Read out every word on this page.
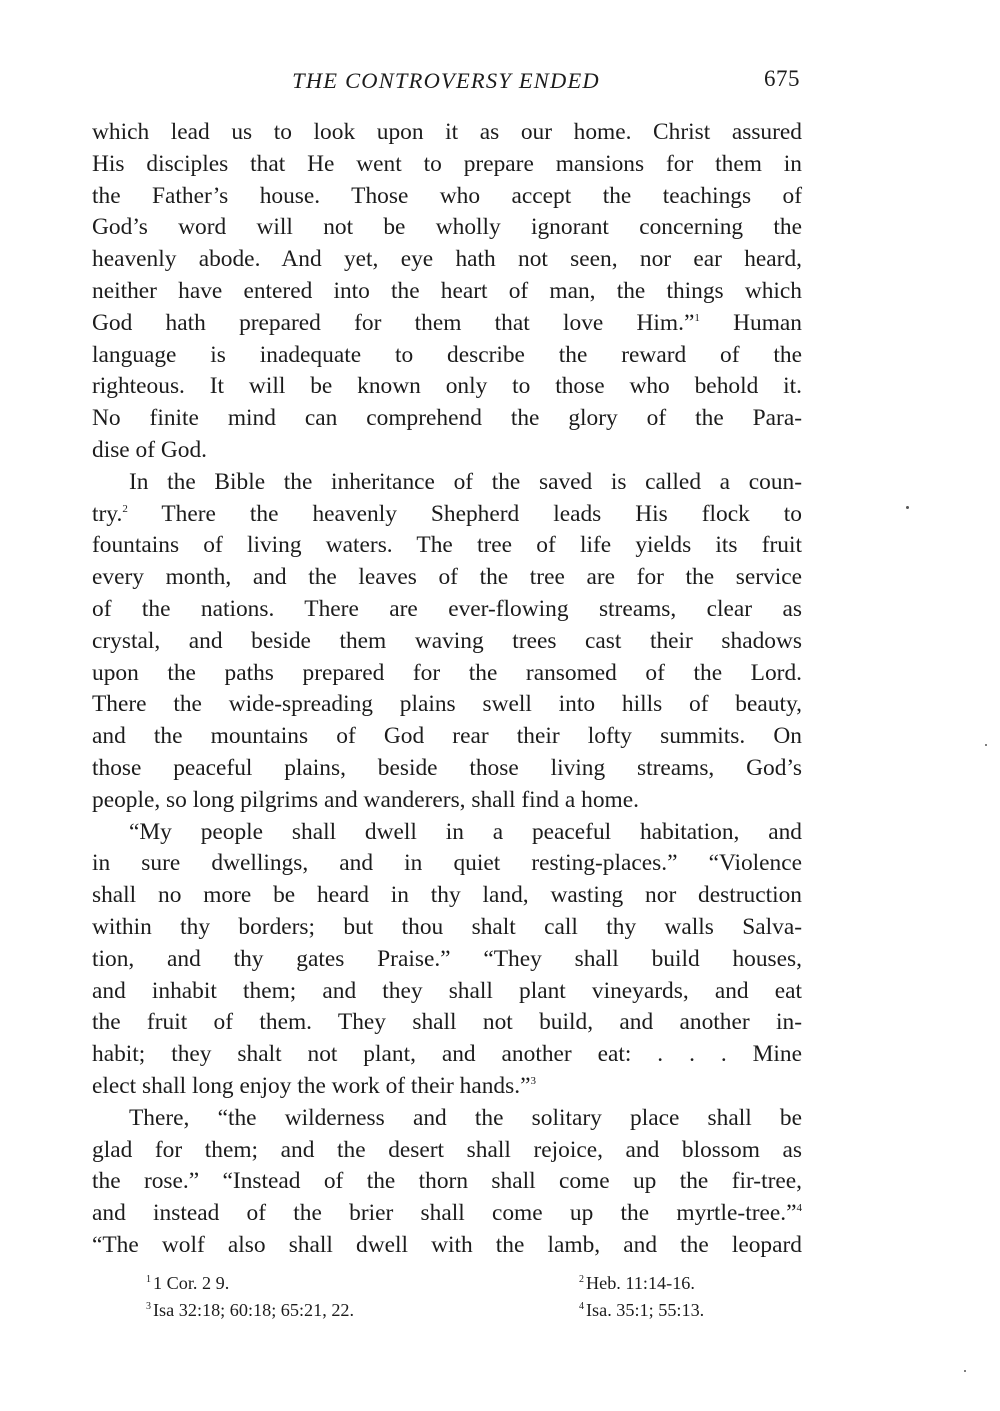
THE CONTROVERSY ENDED	675

which lead us to look upon it as our home. Christ assured

His disciples that He went to prepare mansions for them in

the Father’s house. Those who accept the teachings of

God’s word will not be wholly ignorant concerning the

heavenly abode. And yet, eye hath not seen, nor ear heard,

neither have entered into the heart of man, the things which

God hath prepared for them that love Him.”$^1$ Human

language is inadequate to describe the reward of the

righteous. It will be known only to those who behold it.

No finite mind can comprehend the glory of the Para-

dise of God.

In the Bible the inheritance of the saved is called a coun-

try.$^2$ There the heavenly Shepherd leads His flock to

fountains of living waters. The tree of life yields its fruit

every month, and the leaves of the tree are for the service

of the nations. There are ever-flowing streams, clear as

crystal, and beside them waving trees cast their shadows

upon the paths prepared for the ransomed of the Lord.

There the wide-spreading plains swell into hills of beauty,

and the mountains of God rear their lofty summits. On

those peaceful plains, beside those living streams, God’s

people, so long pilgrims and wanderers, shall find a home.

“My people shall dwell in a peaceful habitation, and

in sure dwellings, and in quiet resting-places.” “Violence

shall no more be heard in thy land, wasting nor destruction

within thy borders; but thou shalt call thy walls Salva-

tion, and thy gates Praise.” “They shall build houses,

and inhabit them; and they shall plant vineyards, and eat

the fruit of them. They shall not build, and another in-

habit; they shalt not plant, and another eat: . . . Mine

elect shall long enjoy the work of their hands.”$^3$

There, “the wilderness and the solitary place shall be

glad for them; and the desert shall rejoice, and blossom as

the rose.” “Instead of the thorn shall come up the fir-tree,

and instead of the brier shall come up the myrtle-tree.”$^4$

“The wolf also shall dwell with the lamb, and the leopard

$^1$ 1 Cor. 2 9.	$^2$ Heb. 11:14-16.
$^3$ Isa 32:18; 60:18; 65:21, 22.	$^4$ Isa. 35:1; 55:13.
